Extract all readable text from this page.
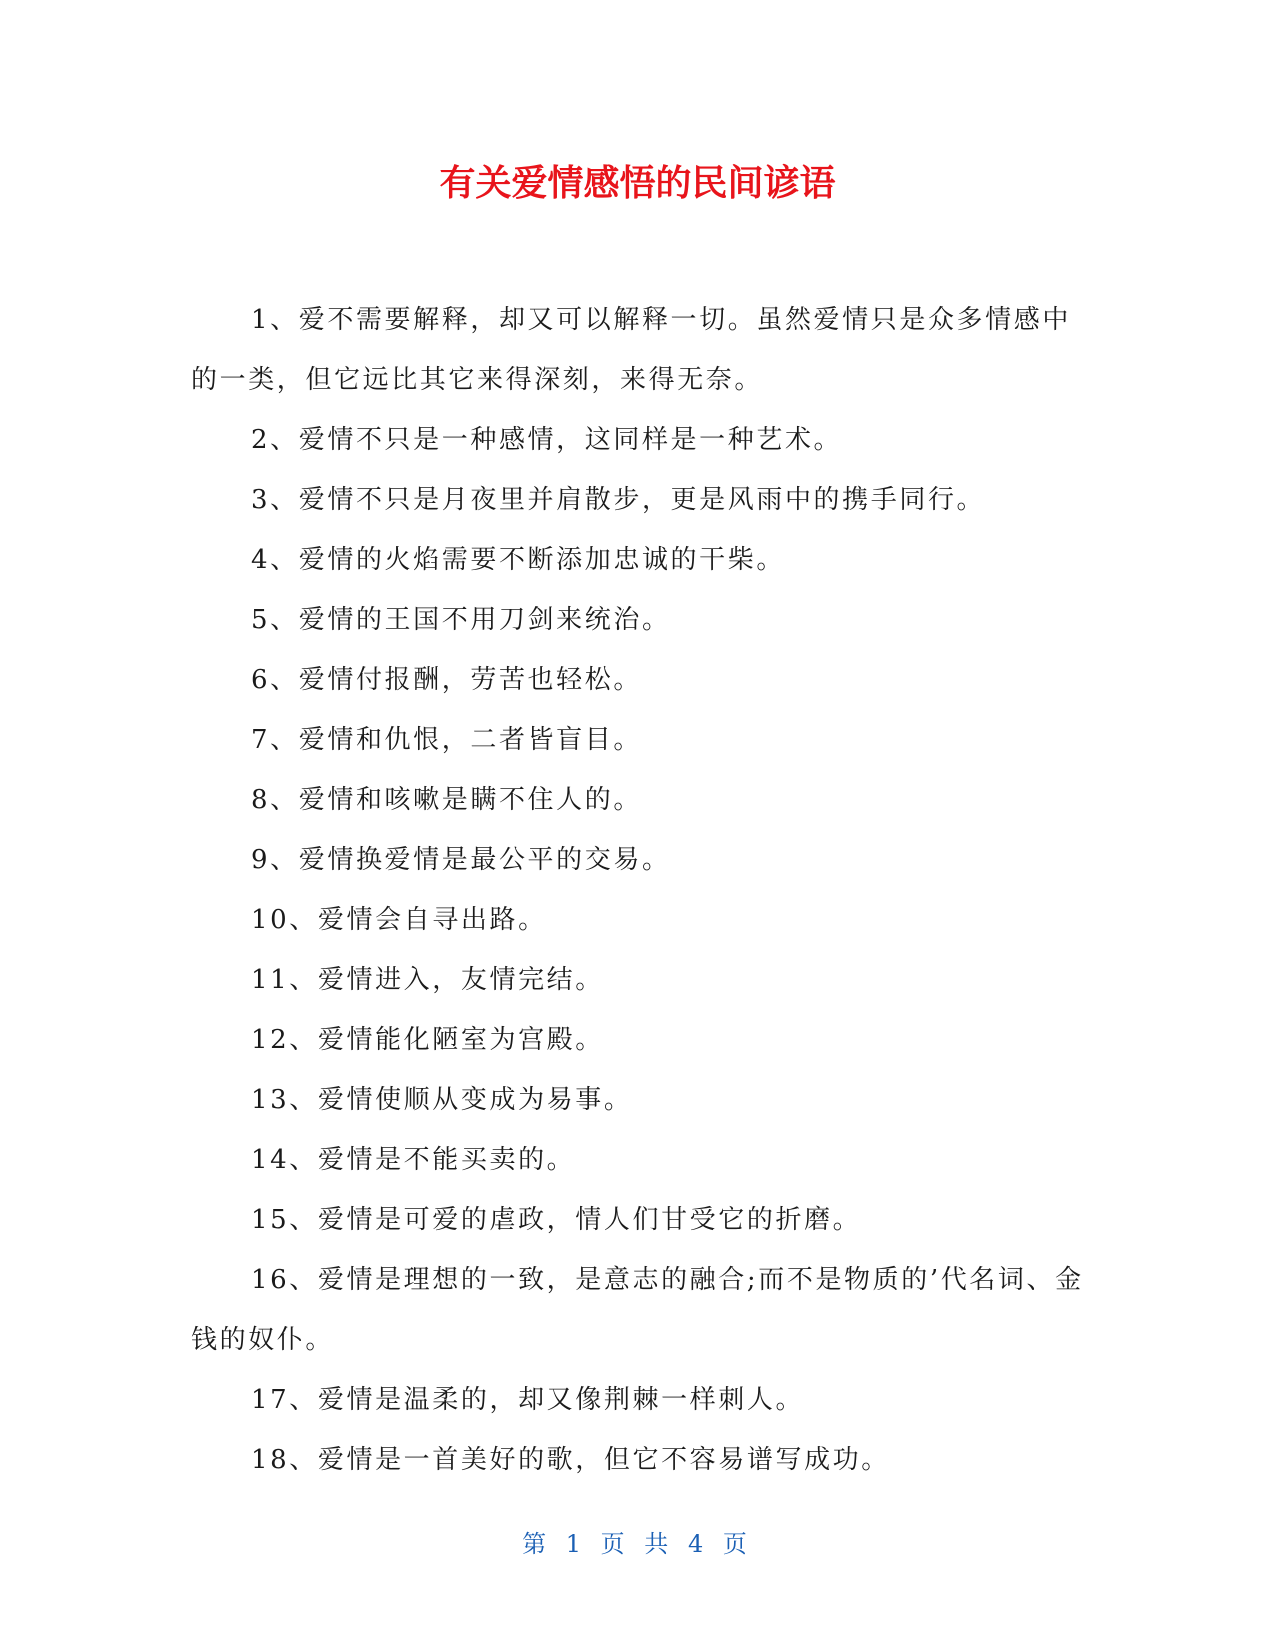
有关爱情感悟的民间谚语

1、爱不需要解释，却又可以解释一切。虽然爱情只是众多情感中的一类，但它远比其它来得深刻，来得无奈。

2、爱情不只是一种感情，这同样是一种艺术。

3、爱情不只是月夜里并肩散步，更是风雨中的携手同行。

4、爱情的火焰需要不断添加忠诚的干柴。

5、爱情的王国不用刀剑来统治。

6、爱情付报酬，劳苦也轻松。

7、爱情和仇恨，二者皆盲目。

8、爱情和咳嗽是瞒不住人的。

9、爱情换爱情是最公平的交易。

10、爱情会自寻出路。

11、爱情进入，友情完结。

12、爱情能化陋室为宫殿。

13、爱情使顺从变成为易事。

14、爱情是不能买卖的。

15、爱情是可爱的虐政，情人们甘受它的折磨。

16、爱情是理想的一致，是意志的融合;而不是物质的’代名词、金钱的奴仆。

17、爱情是温柔的，却又像荆棘一样刺人。

18、爱情是一首美好的歌，但它不容易谱写成功。

第 1 页 共 4 页
